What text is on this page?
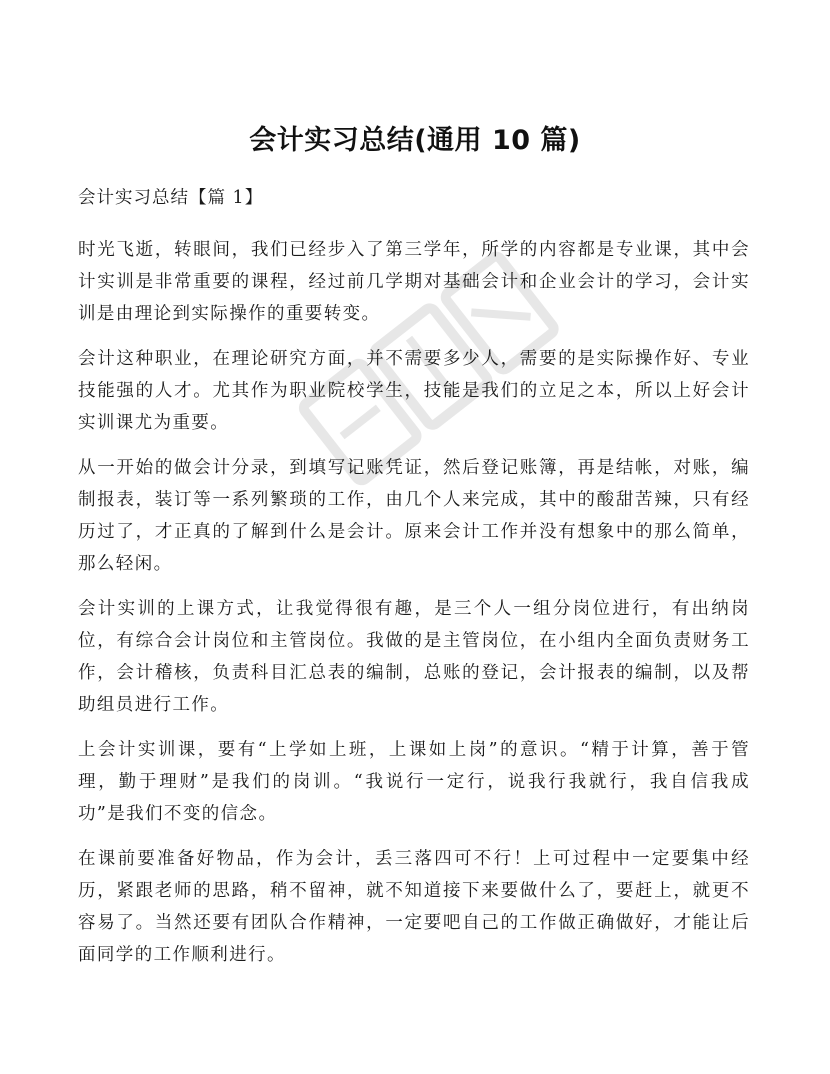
会计实习总结(通用 10 篇)

会计实习总结【篇 1】

时光飞逝，转眼间，我们已经步入了第三学年，所学的内容都是专业课，其中会计实训是非常重要的课程，经过前几学期对基础会计和企业会计的学习，会计实训是由理论到实际操作的重要转变。

会计这种职业，在理论研究方面，并不需要多少人，需要的是实际操作好、专业技能强的人才。尤其作为职业院校学生，技能是我们的立足之本，所以上好会计实训课尤为重要。

从一开始的做会计分录，到填写记账凭证，然后登记账簿，再是结帐，对账，编制报表，装订等一系列繁琐的工作，由几个人来完成，其中的酸甜苦辣，只有经历过了，才正真的了解到什么是会计。原来会计工作并没有想象中的那么简单，那么轻闲。

会计实训的上课方式，让我觉得很有趣，是三个人一组分岗位进行，有出纳岗位，有综合会计岗位和主管岗位。我做的是主管岗位，在小组内全面负责财务工作，会计稽核，负责科目汇总表的编制，总账的登记，会计报表的编制，以及帮助组员进行工作。

上会计实训课，要有“上学如上班，上课如上岗”的意识。“精于计算，善于管理，勤于理财”是我们的岗训。“我说行一定行，说我行我就行，我自信我成功”是我们不变的信念。

在课前要准备好物品，作为会计，丢三落四可不行！上可过程中一定要集中经历，紧跟老师的思路，稍不留神，就不知道接下来要做什么了，要赶上，就更不容易了。当然还要有团队合作精神，一定要吧自己的工作做正确做好，才能让后面同学的工作顺利进行。
